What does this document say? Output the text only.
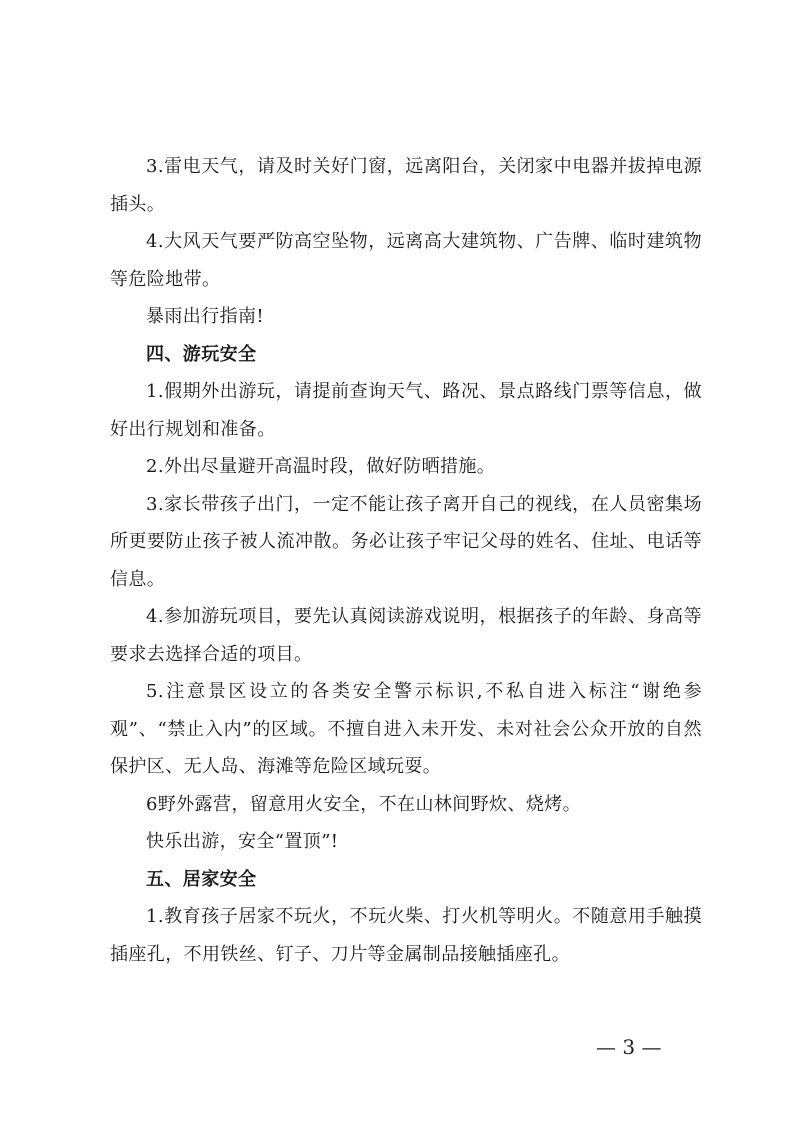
3.雷电天气，请及时关好门窗，远离阳台，关闭家中电器并拔掉电源插头。

4.大风天气要严防高空坠物，远离高大建筑物、广告牌、临时建筑物等危险地带。

暴雨出行指南!

四、游玩安全

1.假期外出游玩，请提前查询天气、路况、景点路线门票等信息，做好出行规划和准备。

2.外出尽量避开高温时段，做好防晒措施。

3.家长带孩子出门，一定不能让孩子离开自己的视线，在人员密集场所更要防止孩子被人流冲散。务必让孩子牢记父母的姓名、住址、电话等信息。

4.参加游玩项目，要先认真阅读游戏说明，根据孩子的年龄、身高等要求去选择合适的项目。

5.注意景区设立的各类安全警示标识,不私自进入标注“谢绝参观”、“禁止入内”的区域。不擅自进入未开发、未对社会公众开放的自然保护区、无人岛、海滩等危险区域玩耍。

6野外露营，留意用火安全，不在山林间野炊、烧烤。

快乐出游，安全“置顶”!

五、居家安全

1.教育孩子居家不玩火，不玩火柴、打火机等明火。不随意用手触摸插座孔，不用铁丝、钉子、刀片等金属制品接触插座孔。

— 3 —
